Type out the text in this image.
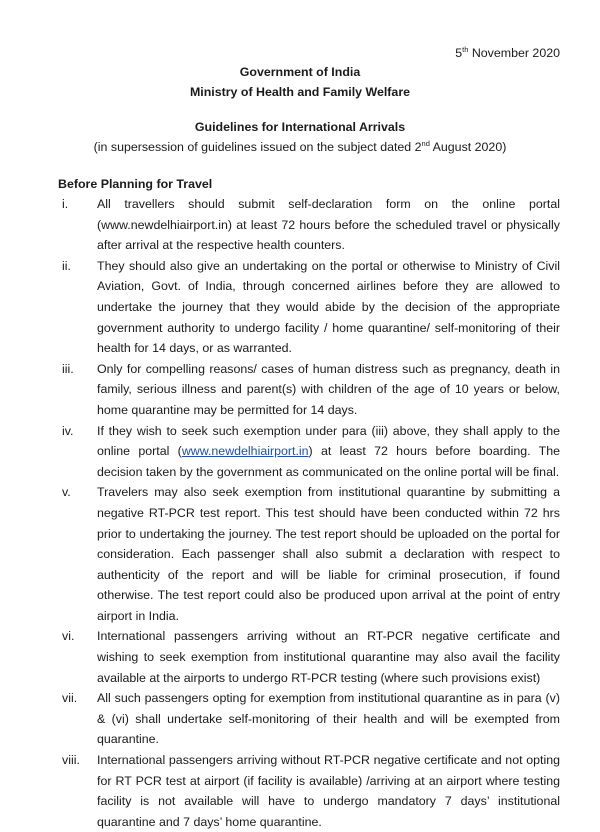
5th November 2020
Government of India
Ministry of Health and Family Welfare
Guidelines for International Arrivals
(in supersession of guidelines issued on the subject dated 2nd August 2020)
Before Planning for Travel
i.	All travellers should submit self-declaration form on the online portal (www.newdelhiairport.in) at least 72 hours before the scheduled travel or physically after arrival at the respective health counters.
ii.	They should also give an undertaking on the portal or otherwise to Ministry of Civil Aviation, Govt. of India, through concerned airlines before they are allowed to undertake the journey that they would abide by the decision of the appropriate government authority to undergo facility / home quarantine/ self-monitoring of their health for 14 days, or as warranted.
iii.	Only for compelling reasons/ cases of human distress such as pregnancy, death in family, serious illness and parent(s) with children of the age of 10 years or below, home quarantine may be permitted for 14 days.
iv.	If they wish to seek such exemption under para (iii) above, they shall apply to the online portal (www.newdelhiairport.in) at least 72 hours before boarding. The decision taken by the government as communicated on the online portal will be final.
v.	Travelers may also seek exemption from institutional quarantine by submitting a negative RT-PCR test report. This test should have been conducted within 72 hrs prior to undertaking the journey. The test report should be uploaded on the portal for consideration. Each passenger shall also submit a declaration with respect to authenticity of the report and will be liable for criminal prosecution, if found otherwise. The test report could also be produced upon arrival at the point of entry airport in India.
vi.	International passengers arriving without an RT-PCR negative certificate and wishing to seek exemption from institutional quarantine may also avail the facility available at the airports to undergo RT-PCR testing (where such provisions exist)
vii.	All such passengers opting for exemption from institutional quarantine as in para (v) & (vi) shall undertake self-monitoring of their health and will be exempted from quarantine.
viii.	International passengers arriving without RT-PCR negative certificate and not opting for RT PCR test at airport (if facility is available) /arriving at an airport where testing facility is not available will have to undergo mandatory 7 days’ institutional quarantine and 7 days’ home quarantine.
